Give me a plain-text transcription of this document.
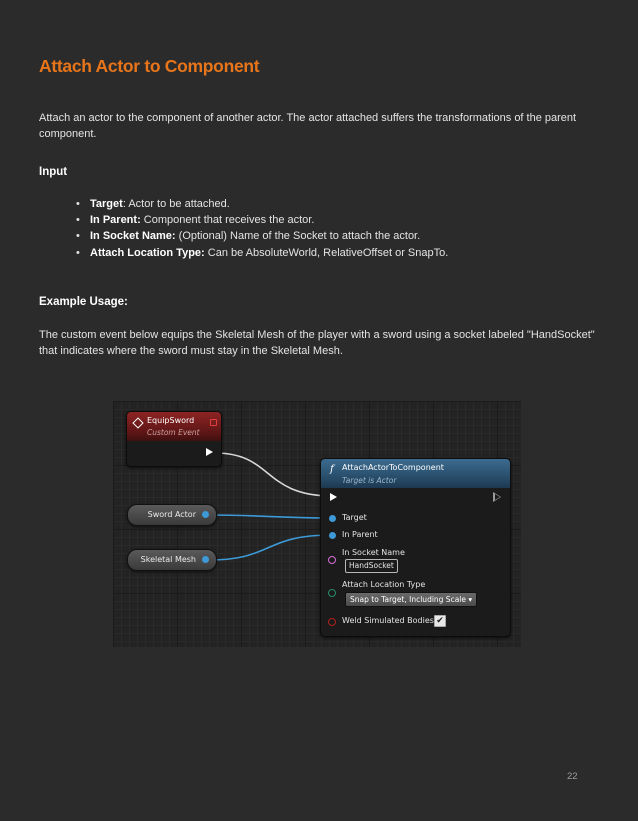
Attach Actor to Component

Attach an actor to the component of another actor. The actor attached suffers the transformations of the parent component.

Input
• Target: Actor to be attached.
• In Parent: Component that receives the actor.
• In Socket Name: (Optional) Name of the Socket to attach the actor.
• Attach Location Type: Can be AbsoluteWorld, RelativeOffset or SnapTo.
Example Usage:

The custom event below equips the Skeletal Mesh of the player with a sword using a socket labeled "HandSocket" that indicates where the sword must stay in the Skeletal Mesh.

EquipSword
Custom Event
Sword Actor
Skeletal Mesh
f AttachActorToComponent
Target is Actor
Target
In Parent
In Socket Name
HandSocket
Attach Location Type
Snap to Target, Including Scale ▾
Weld Simulated Bodies ✔
22
